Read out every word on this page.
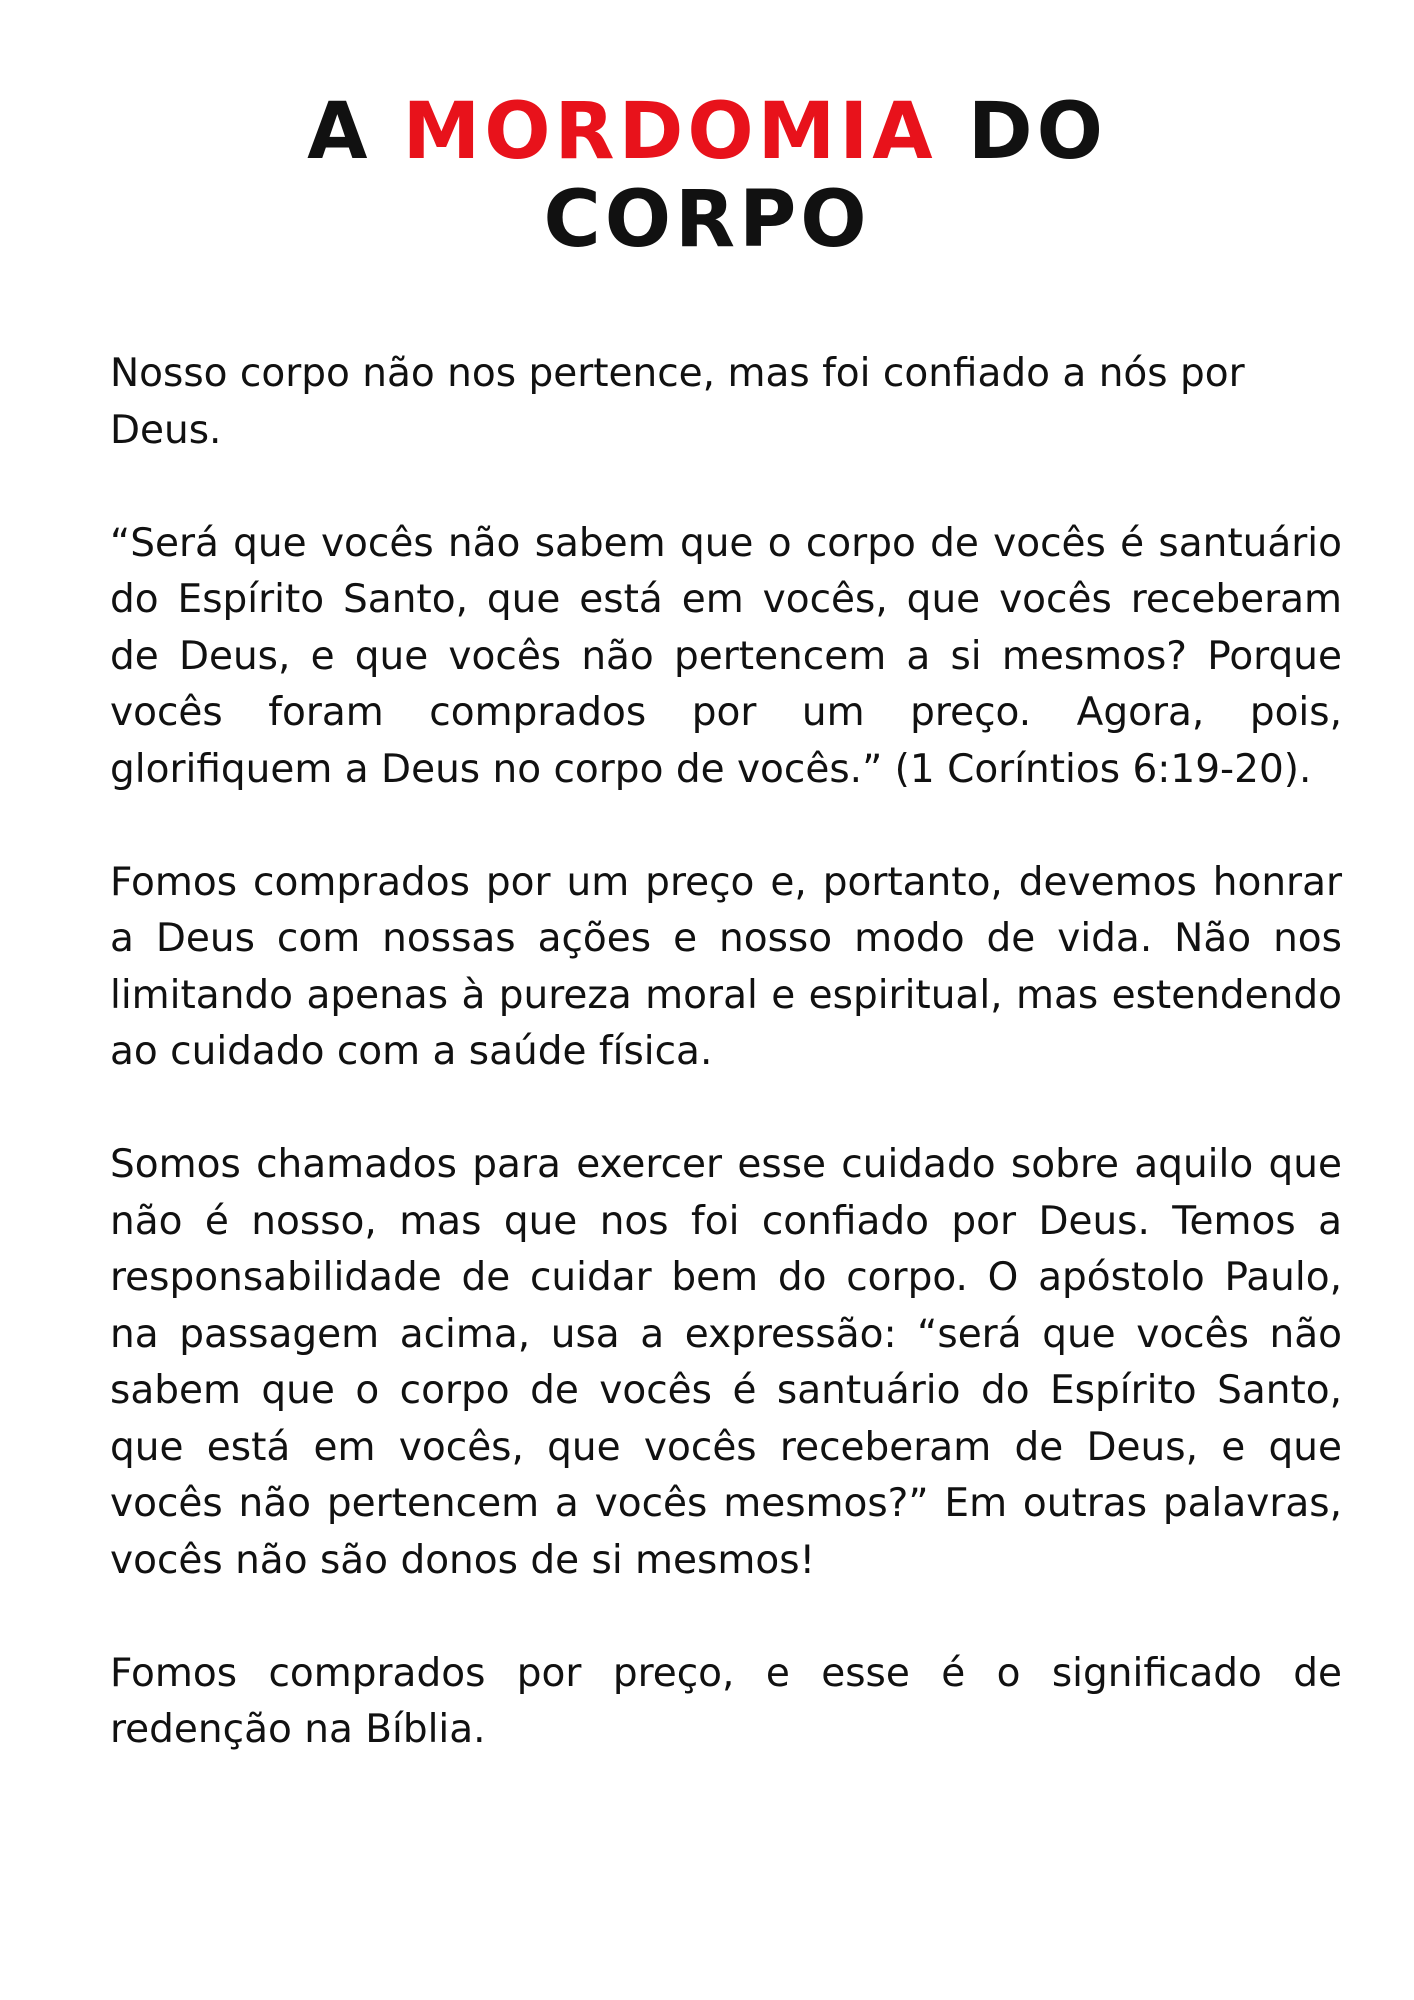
A MORDOMIA DO
CORPO

Nosso corpo não nos pertence, mas foi confiado a nós por Deus.

“Será que vocês não sabem que o corpo de vocês é santuário do Espírito Santo, que está em vocês, que vocês receberam de Deus, e que vocês não pertencem a si mesmos? Porque vocês foram comprados por um preço. Agora, pois, glorifiquem a Deus no corpo de vocês.” (1 Coríntios 6:19-20).

Fomos comprados por um preço e, portanto, devemos honrar a Deus com nossas ações e nosso modo de vida. Não nos limitando apenas à pureza moral e espiritual, mas estendendo ao cuidado com a saúde física.

Somos chamados para exercer esse cuidado sobre aquilo que não é nosso, mas que nos foi confiado por Deus. Temos a responsabilidade de cuidar bem do corpo. O apóstolo Paulo, na passagem acima, usa a expressão: “será que vocês não sabem que o corpo de vocês é santuário do Espírito Santo, que está em vocês, que vocês receberam de Deus, e que vocês não pertencem a vocês mesmos?” Em outras palavras, vocês não são donos de si mesmos!

Fomos comprados por preço, e esse é o significado de redenção na Bíblia.
